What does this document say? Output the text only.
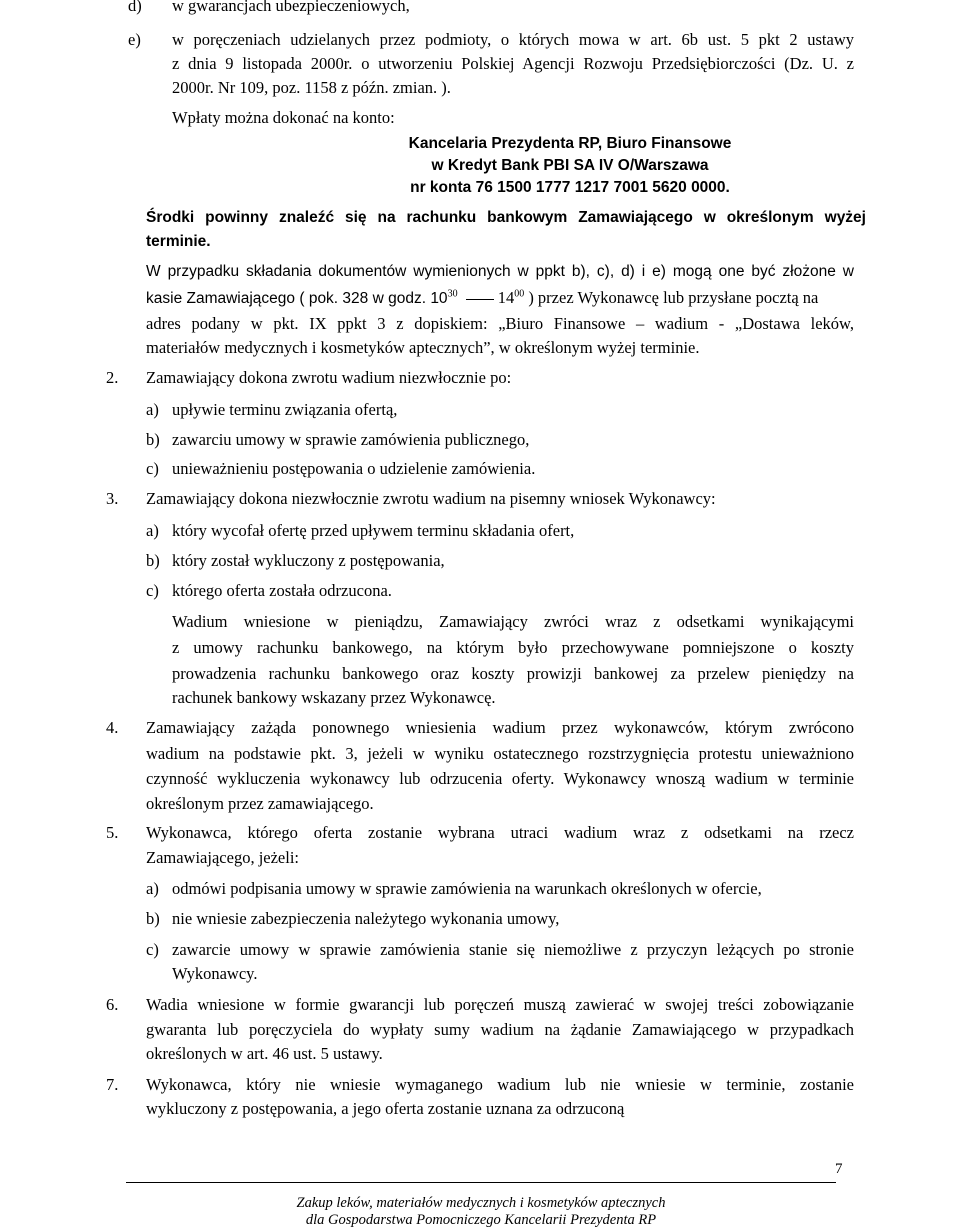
d) w gwarancjach ubezpieczeniowych,
e) w poręczeniach udzielanych przez podmioty, o których mowa w art. 6b ust. 5 pkt 2 ustawy
z dnia 9 listopada 2000r. o utworzeniu Polskiej Agencji Rozwoju Przedsiębiorczości (Dz. U. z
2000r. Nr 109, poz. 1158 z późn. zmian. ).
Wpłaty można dokonać na konto:
Kancelaria Prezydenta RP, Biuro Finansowe
w Kredyt Bank PBI SA IV O/Warszawa
nr konta 76 1500 1777 1217 7001 5620 0000.
Środki powinny znaleźć się na rachunku bankowym Zamawiającego w określonym wyżej
terminie.
W przypadku składania dokumentów wymienionych w ppkt b), c), d) i e) mogą one być złożone w
kasie Zamawiającego ( pok. 328 w godz. $10^{30}$ $14^{00}$ ) przez Wykonawcę lub przysłane pocztą na
adres podany w pkt. IX ppkt 3 z dopiskiem: „Biuro Finansowe – wadium - „Dostawa leków,
materiałów medycznych i kosmetyków aptecznych”, w określonym wyżej terminie.
2. Zamawiający dokona zwrotu wadium niezwłocznie po:
a) upływie terminu związania ofertą,
b) zawarciu umowy w sprawie zamówienia publicznego,
c) unieważnieniu postępowania o udzielenie zamówienia.
3. Zamawiający dokona niezwłocznie zwrotu wadium na pisemny wniosek Wykonawcy:
a) który wycofał ofertę przed upływem terminu składania ofert,
b) który został wykluczony z postępowania,
c) którego oferta została odrzucona.
Wadium wniesione w pieniądzu, Zamawiający zwróci wraz z odsetkami wynikającymi
z umowy rachunku bankowego, na którym było przechowywane pomniejszone o koszty
prowadzenia rachunku bankowego oraz koszty prowizji bankowej za przelew pieniędzy na
rachunek bankowy wskazany przez Wykonawcę.
4. Zamawiający zażąda ponownego wniesienia wadium przez wykonawców, którym zwrócono
wadium na podstawie pkt. 3, jeżeli w wyniku ostatecznego rozstrzygnięcia protestu unieważniono
czynność wykluczenia wykonawcy lub odrzucenia oferty. Wykonawcy wnoszą wadium w terminie
określonym przez zamawiającego.
5. Wykonawca, którego oferta zostanie wybrana utraci wadium wraz z odsetkami na rzecz
Zamawiającego, jeżeli:
a) odmówi podpisania umowy w sprawie zamówienia na warunkach określonych w ofercie,
b) nie wniesie zabezpieczenia należytego wykonania umowy,
c) zawarcie umowy w sprawie zamówienia stanie się niemożliwe z przyczyn leżących po stronie
Wykonawcy.
6. Wadia wniesione w formie gwarancji lub poręczeń muszą zawierać w swojej treści zobowiązanie
gwaranta lub poręczyciela do wypłaty sumy wadium na żądanie Zamawiającego w przypadkach
określonych w art. 46 ust. 5 ustawy.
7. Wykonawca, który nie wniesie wymaganego wadium lub nie wniesie w terminie, zostanie
wykluczony z postępowania, a jego oferta zostanie uznana za odrzuconą
7
Zakup leków, materiałów medycznych i kosmetyków aptecznych
dla Gospodarstwa Pomocniczego Kancelarii Prezydenta RP
